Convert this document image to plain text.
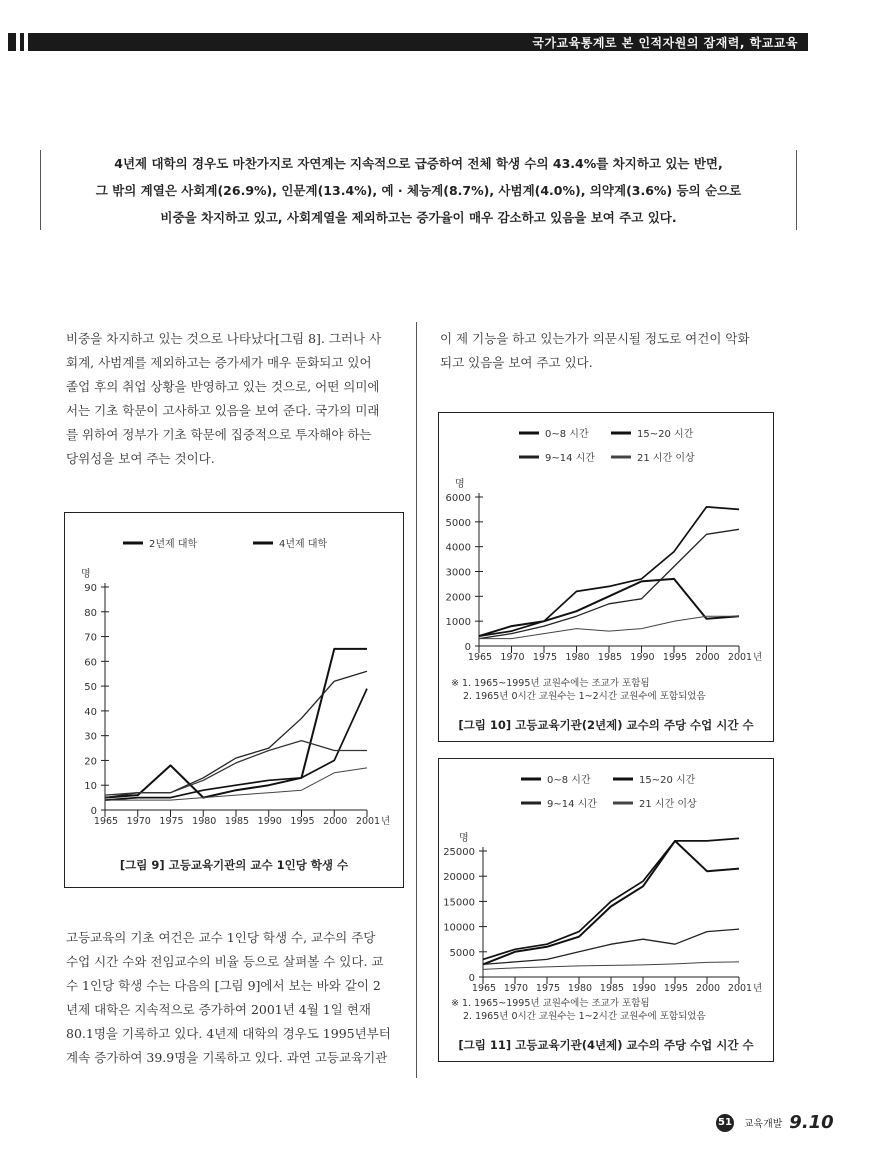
국가교육통계로 본 인적자원의 잠재력, 학교교육
4년제 대학의 경우도 마찬가지로 자연계는 지속적으로 급증하여 전체 학생 수의 43.4%를 차지하고 있는 반면,
그 밖의 계열은 사회계(26.9%), 인문계(13.4%), 예 · 체능계(8.7%), 사범계(4.0%), 의약계(3.6%) 등의 순으로
비중을 차지하고 있고, 사회계열을 제외하고는 증가율이 매우 감소하고 있음을 보여 주고 있다.
비중을 차지하고 있는 것으로 나타났다[그림 8]. 그러나 사
회계, 사범계를 제외하고는 증가세가 매우 둔화되고 있어
졸업 후의 취업 상황을 반영하고 있는 것으로, 어떤 의미에
서는 기초 학문이 고사하고 있음을 보여 준다. 국가의 미래
를 위하여 정부가 기초 학문에 집중적으로 투자해야 하는
당위성을 보여 주는 것이다.
고등교육의 기초 여건은 교수 1인당 학생 수, 교수의 주당
수업 시간 수와 전임교수의 비율 등으로 살펴볼 수 있다. 교
수 1인당 학생 수는 다음의 [그림 9]에서 보는 바와 같이 2
년제 대학은 지속적으로 증가하여 2001년 4월 1일 현재
80.1명을 기록하고 있다. 4년제 대학의 경우도 1995년부터
계속 증가하여 39.9명을 기록하고 있다. 과연 고등교육기관
이 제 기능을 하고 있는가가 의문시될 정도로 여건이 악화
되고 있음을 보여 주고 있다.
2년제 대학	4년제 대학
명
0
10
20
30
40
50
60
70
80
90
1965 1970 1975 1980 1985 1990 1995 2000 2001 년
[그림 9] 고등교육기관의 교수 1인당 학생 수
0~8 시간	15~20 시간
9~14 시간	21 시간 이상
명
0
1000
2000
3000
4000
5000
6000
1965 1970 1975 1980 1985 1990 1995 2000 2001 년
※ 1. 1965~1995년 교원수에는 조교가 포함됨
2. 1965년 0시간 교원수는 1~2시간 교원수에 포함되었음
[그림 10] 고등교육기관(2년제) 교수의 주당 수업 시간 수
0~8 시간	15~20 시간
9~14 시간	21 시간 이상
명
0
5000
10000
15000
20000
25000
1965 1970 1975 1980 1985 1990 1995 2000 2001 년
※ 1. 1965~1995년 교원수에는 조교가 포함됨
2. 1965년 0시간 교원수는 1~2시간 교원수에 포함되었음
[그림 11] 고등교육기관(4년제) 교수의 주당 수업 시간 수
51 교육개발 9.10
